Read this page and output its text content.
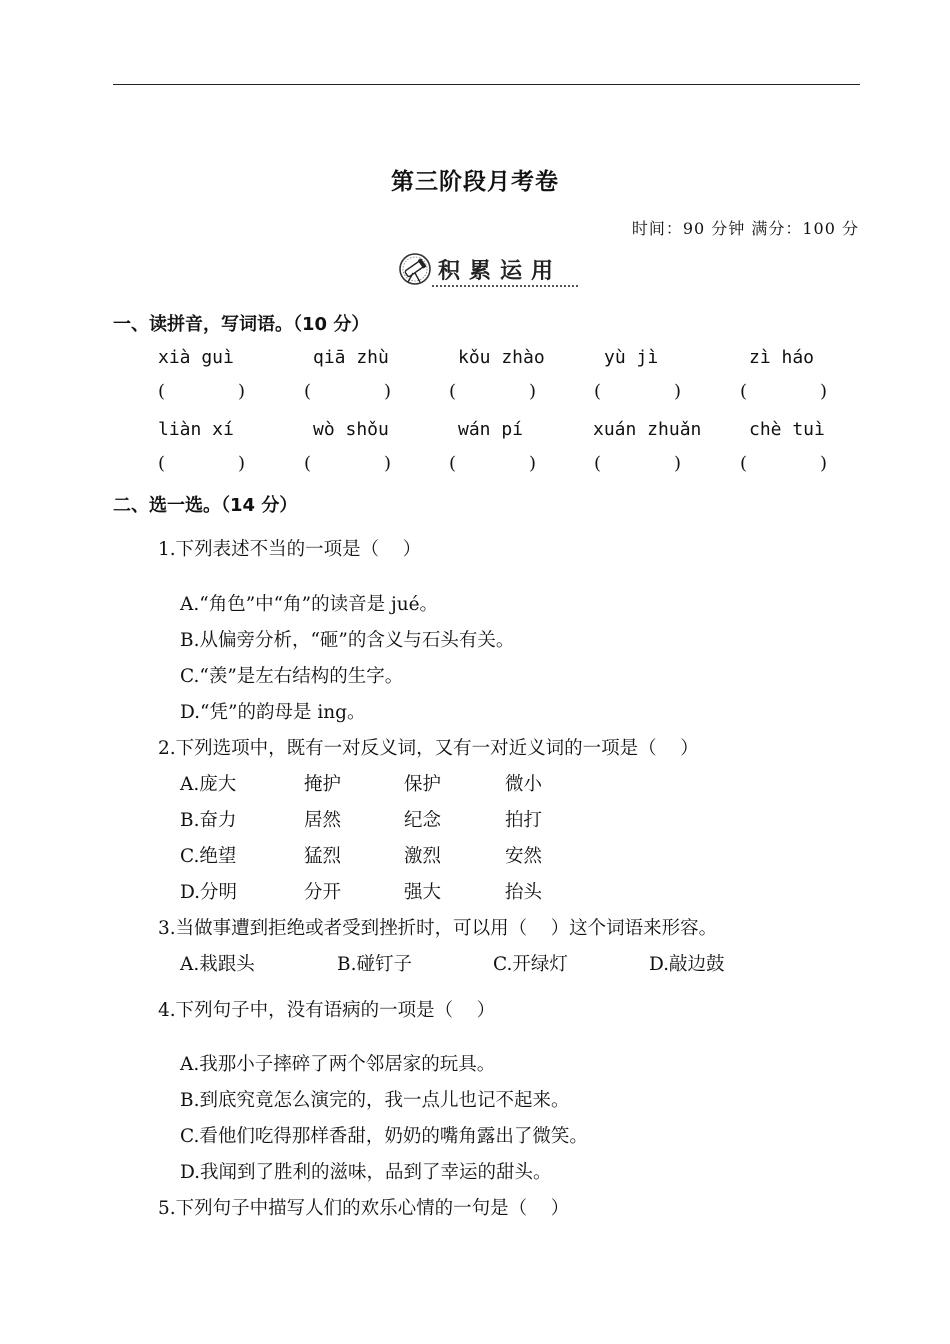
第三阶段月考卷
时间：90 分钟 满分：100 分
积累运用
一、读拼音，写词语。（10 分）
xià guì	qiā zhù	kǒu zhào	yù jì	zì háo
(	)	(	)	(	)	(	)	(	)
liàn xí	wò shǒu	wán pí	xuán zhuǎn	chè tuì
(	)	(	)	(	)	(	)	(	)
二、选一选。（14 分）
1.下列表述不当的一项是（    ）
A.“角色”中“角”的读音是 jué。
B.从偏旁分析，“砸”的含义与石头有关。
C.“羡”是左右结构的生字。
D.“凭”的韵母是 ing。
2.下列选项中，既有一对反义词，又有一对近义词的一项是（    ）
A.庞大	掩护	保护	微小
B.奋力	居然	纪念	拍打
C.绝望	猛烈	激烈	安然
D.分明	分开	强大	抬头
3.当做事遭到拒绝或者受到挫折时，可以用（    ）这个词语来形容。
A.栽跟头	B.碰钉子	C.开绿灯	D.敲边鼓
4.下列句子中，没有语病的一项是（    ）
A.我那小子摔碎了两个邻居家的玩具。
B.到底究竟怎么演完的，我一点儿也记不起来。
C.看他们吃得那样香甜，奶奶的嘴角露出了微笑。
D.我闻到了胜利的滋味，品到了幸运的甜头。
5.下列句子中描写人们的欢乐心情的一句是（    ）
